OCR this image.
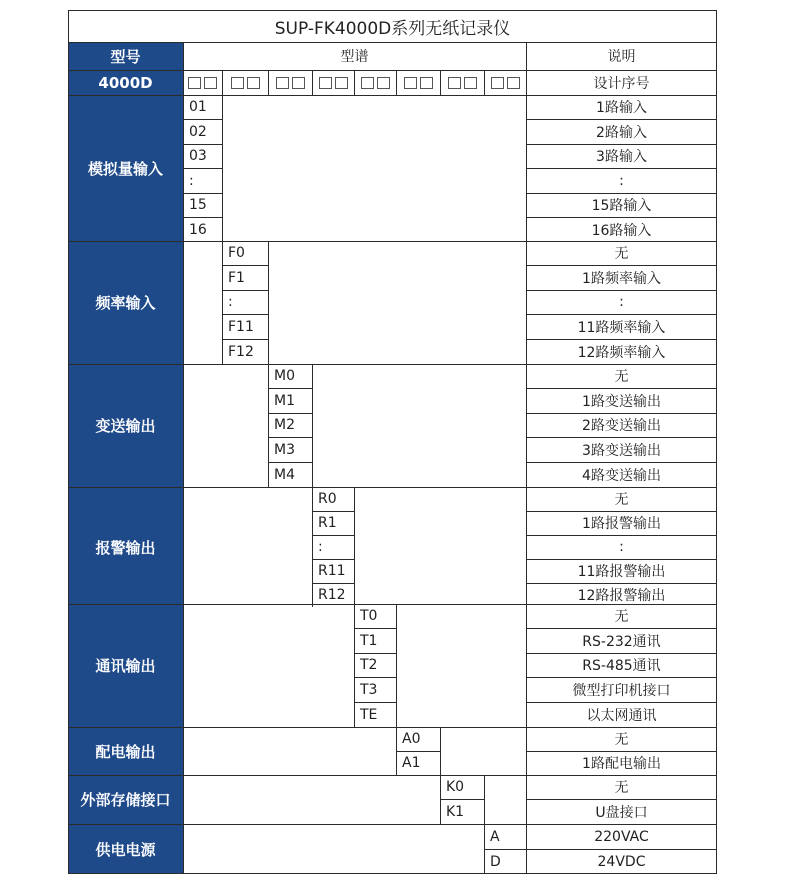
SUP-FK4000D系列无纸记录仪
型号	型谱	说明
4000D	设计序号
模拟量输入
01	1路输入
02	2路输入
03	3路输入
:	:
15	15路输入
16	16路输入
频率输入
F0	无
F1	1路频率输入
:	:
F11	11路频率输入
F12	12路频率输入
变送输出
M0	无
M1	1路变送输出
M2	2路变送输出
M3	3路变送输出
M4	4路变送输出
报警输出
R0	无
R1	1路报警输出
:	:
R11	11路报警输出
R12	12路报警输出
通讯输出
T0	无
T1	RS-232通讯
T2	RS-485通讯
T3	微型打印机接口
TE	以太网通讯
配电输出
A0	无
A1	1路配电输出
外部存储接口
K0	无
K1	U盘接口
供电电源
A	220VAC
D	24VDC
